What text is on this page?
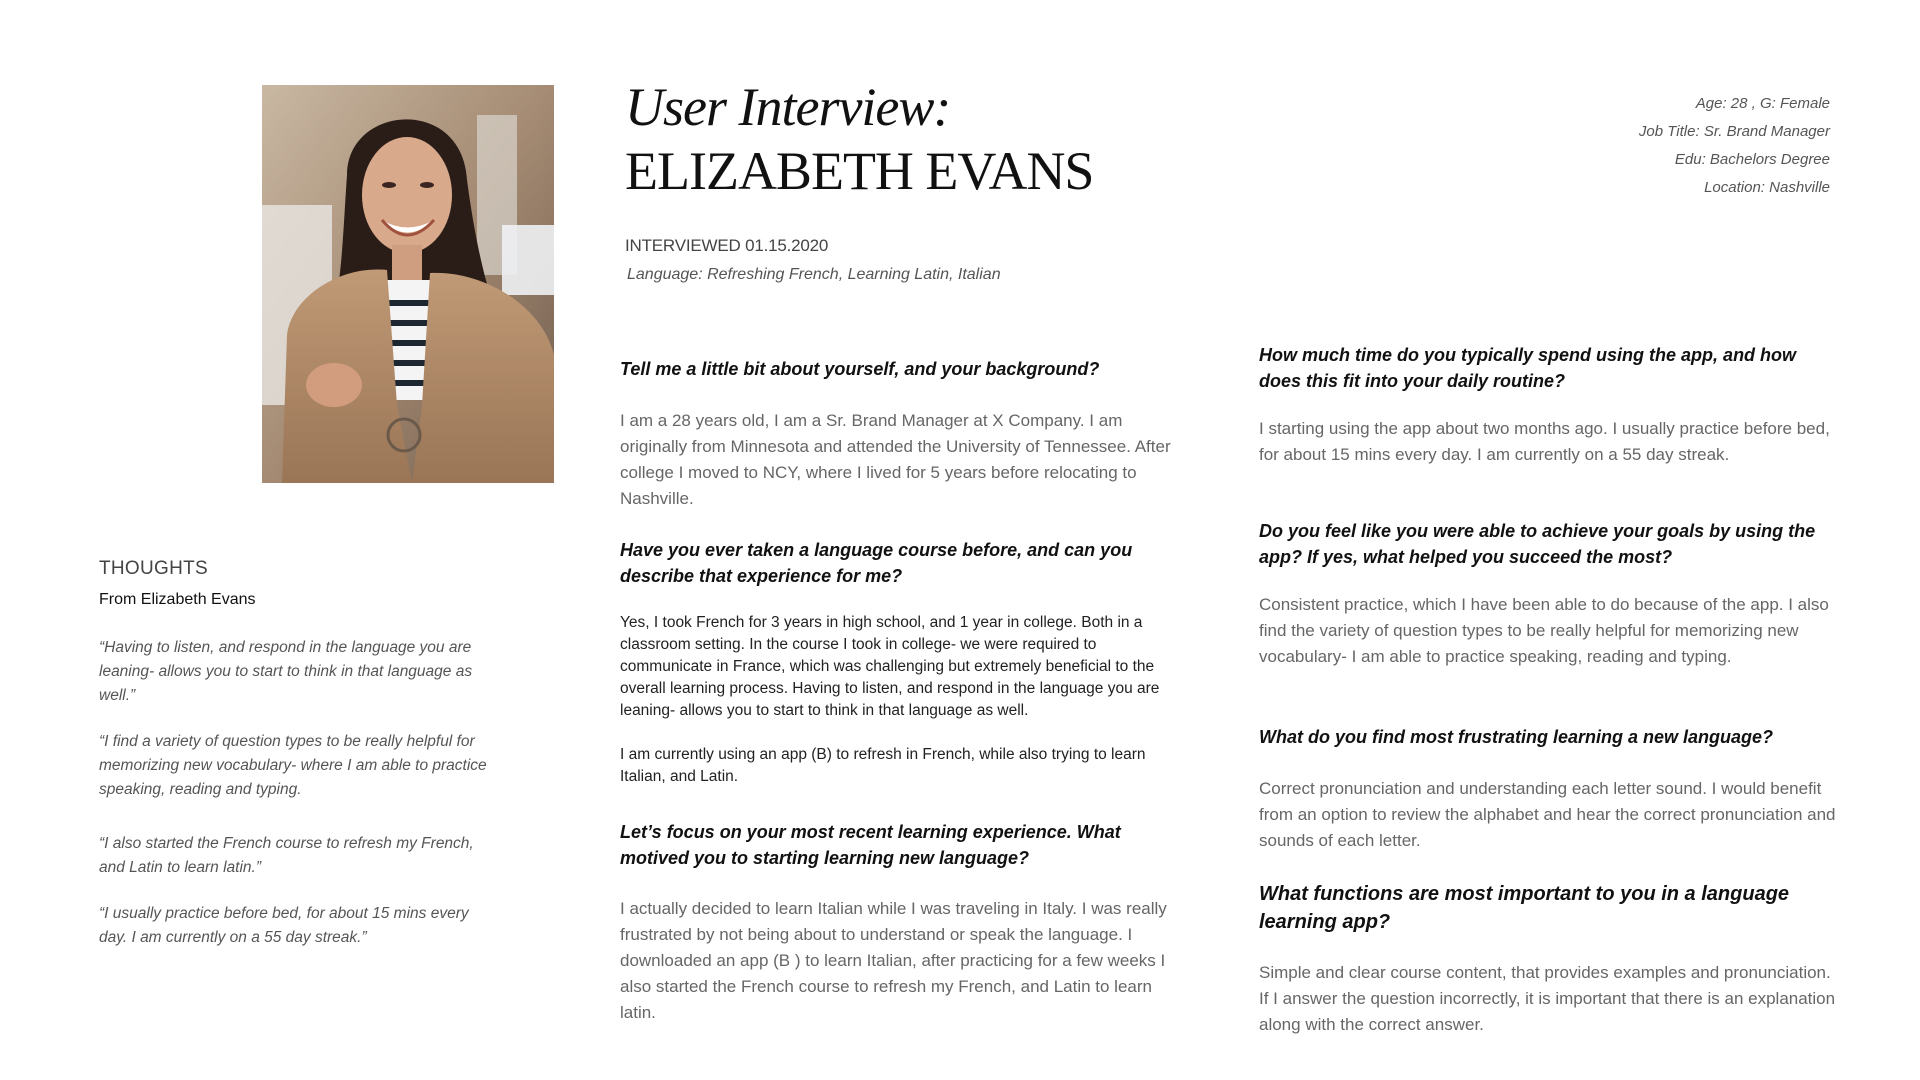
User Interview:
ELIZABETH EVANS
INTERVIEWED 01.15.2020
Language: Refreshing French, Learning Latin, Italian
Age: 28 , G: Female
Job Title: Sr. Brand Manager
Edu: Bachelors Degree
Location: Nashville
THOUGHTS
From Elizabeth Evans
“Having to listen, and respond in the language you are leaning- allows you to start to think in that language as well.”
“I find a variety of question types to be really helpful for memorizing new vocabulary- where I am able to practice speaking, reading and typing.
“I also started the French course to refresh my French, and Latin to learn latin.”
“I usually practice before bed, for about 15 mins every day. I am currently on a 55 day streak.”
Tell me a little bit about yourself, and your background?
I am a 28 years old, I am a Sr. Brand Manager at X Company. I am originally from Minnesota and attended the University of Tennessee. After college I moved to NCY, where I lived for 5 years before relocating to Nashville.
Have you ever taken a language course before, and can you describe that experience for me?
Yes, I took French for 3 years in high school, and 1 year in college. Both in a classroom setting. In the course I took in college- we were required to communicate in France, which was challenging but extremely beneficial to the overall learning process. Having to listen, and respond in the language you are leaning- allows you to start to think in that language as well.
I am currently using an app (B) to refresh in French, while also trying to learn Italian, and Latin.
Let’s focus on your most recent learning experience. What motived you to starting learning new language?
I actually decided to learn Italian while I was traveling in Italy. I was really frustrated by not being about to understand or speak the language. I downloaded an app (B ) to learn Italian, after practicing for a few weeks I also started the French course to refresh my French, and Latin to learn latin.
How much time do you typically spend using the app, and how does this fit into your daily routine?
I starting using the app about two months ago. I usually practice before bed, for about 15 mins every day. I am currently on a 55 day streak.
Do you feel like you were able to achieve your goals by using the app? If yes, what helped you succeed the most?
Consistent practice, which I have been able to do because of the app. I also find the variety of question types to be really helpful for memorizing new vocabulary- I am able to practice speaking, reading and typing.
What do you find most frustrating learning a new language?
Correct pronunciation and understanding each letter sound. I would benefit from an option to review the alphabet and hear the correct pronunciation and sounds of each letter.
What functions are most important to you in a language learning app?
Simple and clear course content, that provides examples and pronunciation. If I answer the question incorrectly, it is important that there is an explanation along with the correct answer.
